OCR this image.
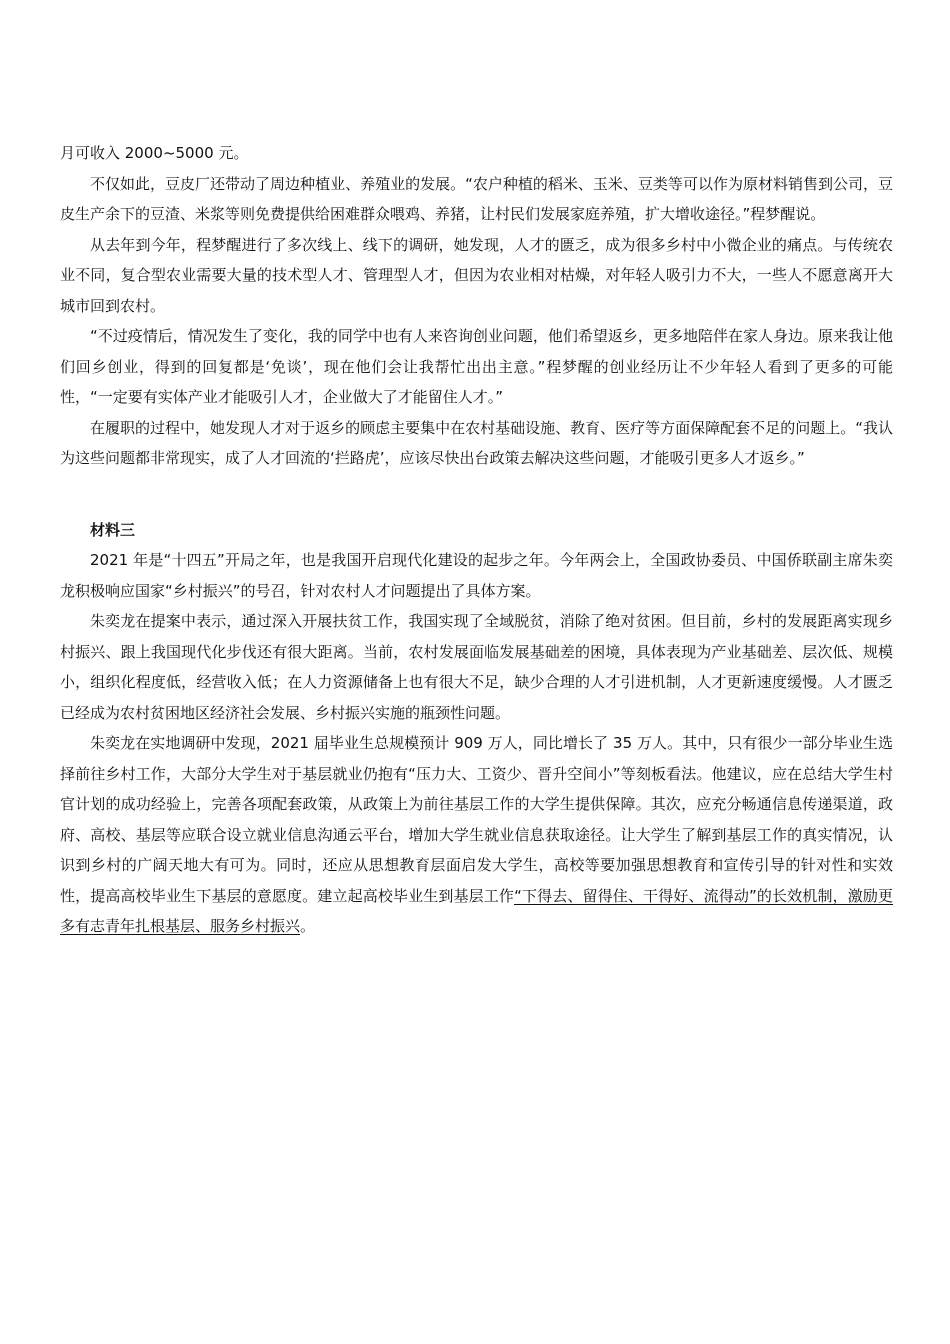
月可收入 2000~5000 元。

不仅如此，豆皮厂还带动了周边种植业、养殖业的发展。“农户种植的稻米、玉米、豆类等可以作为原材料销售到公司，豆皮生产余下的豆渣、米浆等则免费提供给困难群众喂鸡、养猪，让村民们发展家庭养殖，扩大增收途径。”程梦醒说。

从去年到今年，程梦醒进行了多次线上、线下的调研，她发现，人才的匮乏，成为很多乡村中小微企业的痛点。与传统农业不同，复合型农业需要大量的技术型人才、管理型人才，但因为农业相对枯燥，对年轻人吸引力不大，一些人不愿意离开大城市回到农村。

“不过疫情后，情况发生了变化，我的同学中也有人来咨询创业问题，他们希望返乡，更多地陪伴在家人身边。原来我让他们回乡创业，得到的回复都是‘免谈’，现在他们会让我帮忙出出主意。”程梦醒的创业经历让不少年轻人看到了更多的可能性，“一定要有实体产业才能吸引人才，企业做大了才能留住人才。”

在履职的过程中，她发现人才对于返乡的顾虑主要集中在农村基础设施、教育、医疗等方面保障配套不足的问题上。“我认为这些问题都非常现实，成了人才回流的‘拦路虎’，应该尽快出台政策去解决这些问题，才能吸引更多人才返乡。”

材料三

2021 年是“十四五”开局之年，也是我国开启现代化建设的起步之年。今年两会上，全国政协委员、中国侨联副主席朱奕龙积极响应国家“乡村振兴”的号召，针对农村人才问题提出了具体方案。

朱奕龙在提案中表示，通过深入开展扶贫工作，我国实现了全域脱贫，消除了绝对贫困。但目前，乡村的发展距离实现乡村振兴、跟上我国现代化步伐还有很大距离。当前，农村发展面临发展基础差的困境，具体表现为产业基础差、层次低、规模小，组织化程度低，经营收入低；在人力资源储备上也有很大不足，缺少合理的人才引进机制，人才更新速度缓慢。人才匮乏已经成为农村贫困地区经济社会发展、乡村振兴实施的瓶颈性问题。

朱奕龙在实地调研中发现，2021 届毕业生总规模预计 909 万人，同比增长了 35 万人。其中，只有很少一部分毕业生选择前往乡村工作，大部分大学生对于基层就业仍抱有“压力大、工资少、晋升空间小”等刻板看法。他建议，应在总结大学生村官计划的成功经验上，完善各项配套政策，从政策上为前往基层工作的大学生提供保障。其次，应充分畅通信息传递渠道，政府、高校、基层等应联合设立就业信息沟通云平台，增加大学生就业信息获取途径。让大学生了解到基层工作的真实情况，认识到乡村的广阔天地大有可为。同时，还应从思想教育层面启发大学生，高校等要加强思想教育和宣传引导的针对性和实效性，提高高校毕业生下基层的意愿度。建立起高校毕业生到基层工作“下得去、留得住、干得好、流得动”的长效机制，激励更多有志青年扎根基层、服务乡村振兴。
